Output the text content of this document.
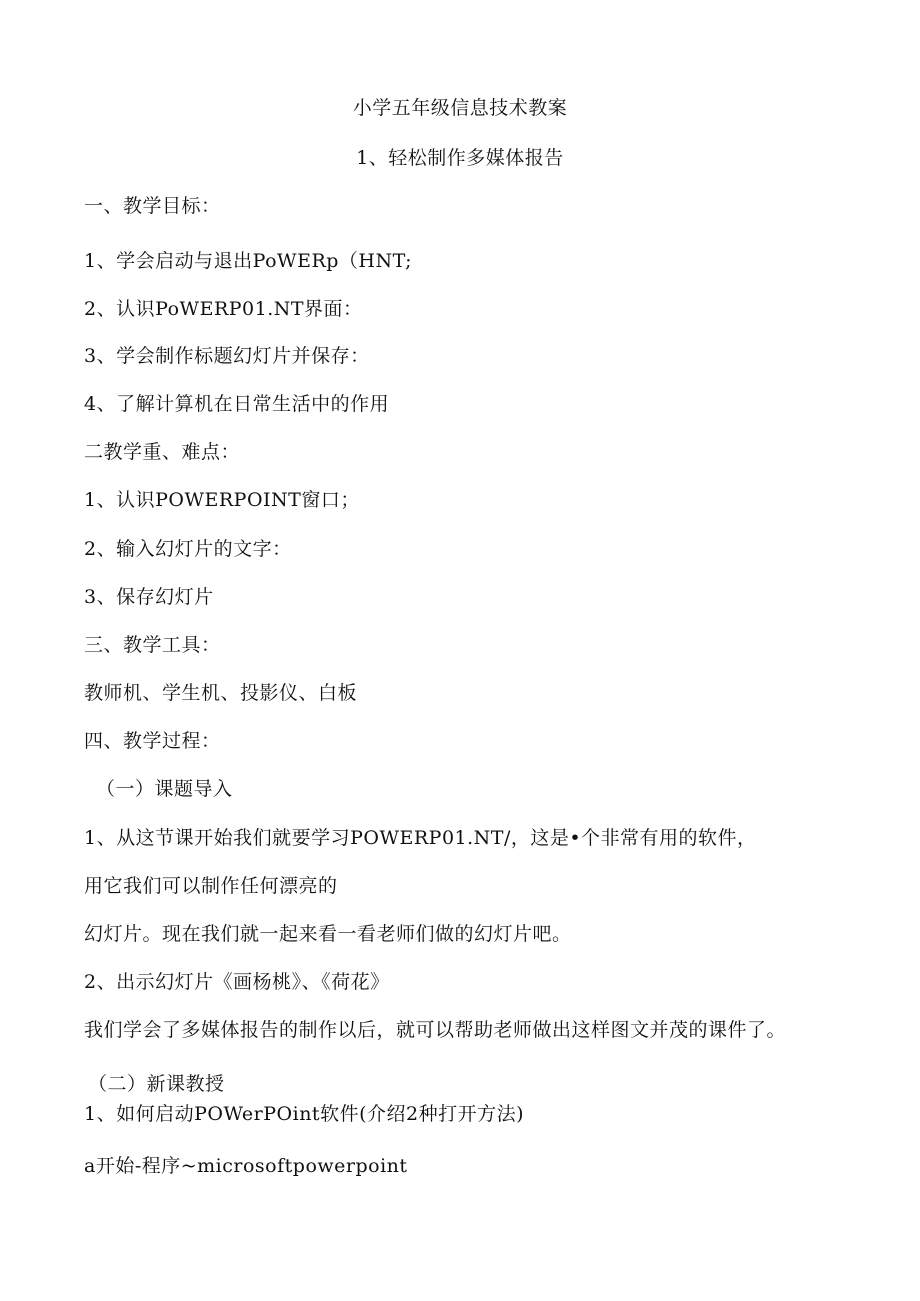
小学五年级信息技术教案
1、轻松制作多媒体报告
一、教学目标：
1、学会启动与退出PoWERp（HNT;
2、认识PoWERP01.NT界面：
3、学会制作标题幻灯片并保存：
4、了解计算机在日常生活中的作用
二教学重、难点：
1、认识POWERPOINT窗口；
2、输入幻灯片的文字：
3、保存幻灯片
三、教学工具：
教师机、学生机、投影仪、白板
四、教学过程：
（一）课题导入
1、从这节课开始我们就要学习POWERP01.NT/，这是•个非常有用的软件，
用它我们可以制作任何漂亮的
幻灯片。现在我们就一起来看一看老师们做的幻灯片吧。
2、出示幻灯片《画杨桃》、《荷花》
我们学会了多媒体报告的制作以后，就可以帮助老师做出这样图文并茂的课件了。
（二）新课教授
1、如何启动POWerPOint软件(介绍2种打开方法)
a开始-程序~microsoftpowerpoint
